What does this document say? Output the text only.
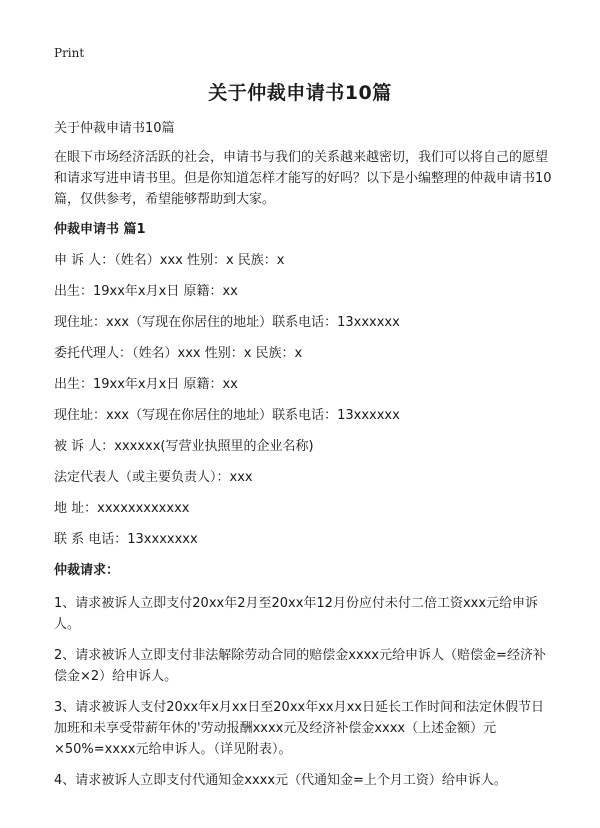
Print
关于仲裁申请书10篇

关于仲裁申请书10篇

在眼下市场经济活跃的社会，申请书与我们的关系越来越密切，我们可以将自己的愿望和请求写进申请书里。但是你知道怎样才能写的好吗？以下是小编整理的仲裁申请书10篇，仅供参考，希望能够帮助到大家。

仲裁申请书 篇1

申 诉 人：（姓名）xxx 性别：x 民族：x

出生：19xx年x月x日 原籍：xx

现住址：xxx（写现在你居住的地址）联系电话：13xxxxxx

委托代理人：（姓名）xxx 性别：x 民族：x

出生：19xx年x月x日 原籍：xx

现住址：xxx（写现在你居住的地址）联系电话：13xxxxxx

被 诉 人：xxxxxx(写营业执照里的企业名称)

法定代表人（或主要负责人）：xxx

地 址：xxxxxxxxxxxx

联 系 电话：13xxxxxxx

仲裁请求：

1、请求被诉人立即支付20xx年2月至20xx年12月份应付未付二倍工资xxx元给申诉人。

2、请求被诉人立即支付非法解除劳动合同的赔偿金xxxx元给申诉人（赔偿金=经济补偿金×2）给申诉人。

3、请求被诉人支付20xx年x月xx日至20xx年xx月xx日延长工作时间和法定休假节日加班和未享受带薪年休的'劳动报酬xxxx元及经济补偿金xxxx（上述金额）元×50%=xxxx元给申诉人。（详见附表）。

4、请求被诉人立即支付代通知金xxxx元（代通知金=上个月工资）给申诉人。
